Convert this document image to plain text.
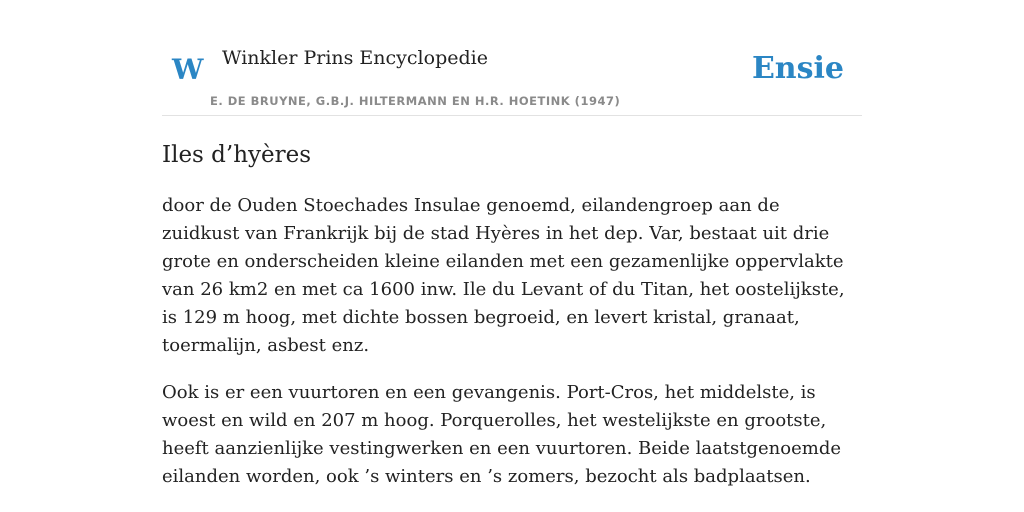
W Winkler Prins Encyclopedie
E. DE BRUYNE, G.B.J. HILTERMANN EN H.R. HOETINK (1947)
Ensie
Iles d’hyères

door de Ouden Stoechades Insulae genoemd, eilandengroep aan de zuidkust van Frankrijk bij de stad Hyères in het dep. Var, bestaat uit drie grote en onderscheiden kleine eilanden met een gezamenlijke oppervlakte van 26 km2 en met ca 1600 inw. Ile du Levant of du Titan, het oostelijkste, is 129 m hoog, met dichte bossen begroeid, en levert kristal, granaat, toermalijn, asbest enz.

Ook is er een vuurtoren en een gevangenis. Port-Cros, het middelste, is woest en wild en 207 m hoog. Porquerolles, het westelijkste en grootste, heeft aanzienlijke vestingwerken en een vuurtoren. Beide laatstgenoemde eilanden worden, ook ’s winters en ’s zomers, bezocht als badplaatsen.
